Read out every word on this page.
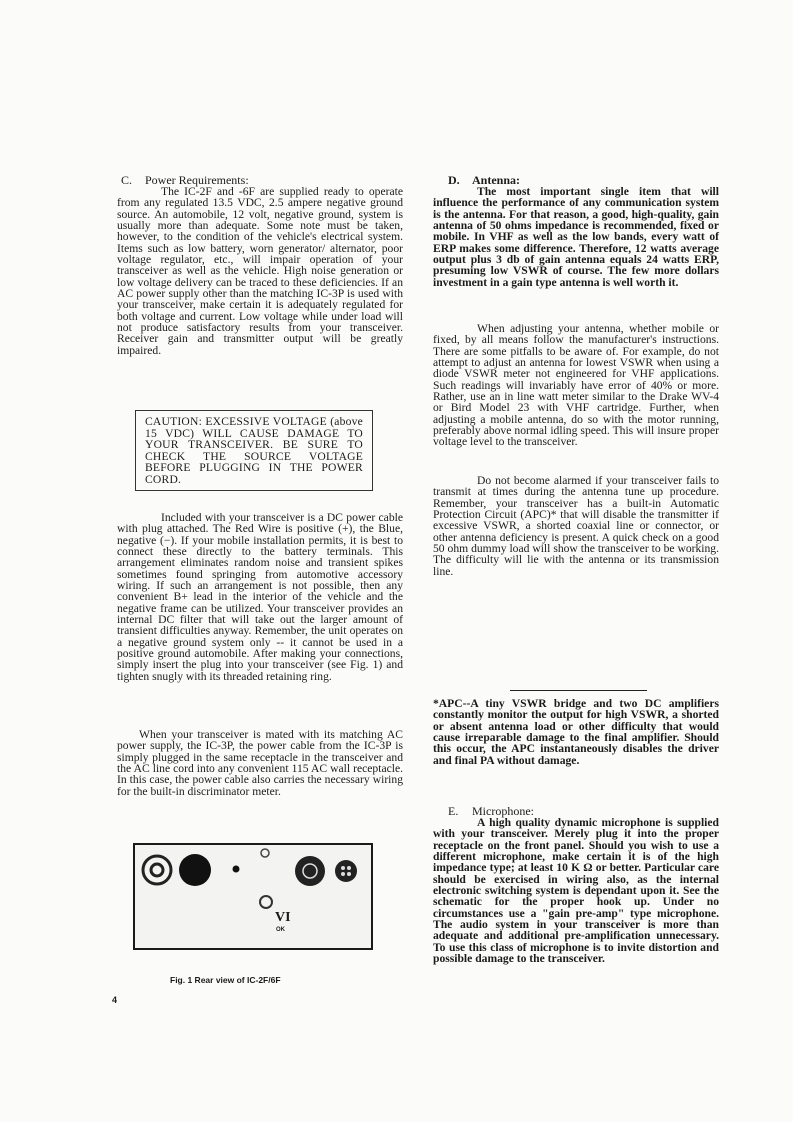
C. Power Requirements:

The IC-2F and -6F are supplied ready to operate from any regulated 13.5 VDC, 2.5 ampere negative ground source. An automobile, 12 volt, negative ground, system is usually more than adequate. Some note must be taken, however, to the condition of the vehicle's electrical system. Items such as low battery, worn generator/ alternator, poor voltage regulator, etc., will impair operation of your transceiver as well as the vehicle. High noise generation or low voltage delivery can be traced to these deficiencies. If an AC power supply other than the matching IC-3P is used with your transceiver, make certain it is adequately regulated for both voltage and current. Low voltage while under load will not produce satisfactory results from your transceiver. Receiver gain and transmitter output will be greatly impaired.

CAUTION: EXCESSIVE VOLTAGE (above 15 VDC) WILL CAUSE DAMAGE TO YOUR TRANSCEIVER. BE SURE TO CHECK THE SOURCE VOLTAGE BEFORE PLUGGING IN THE POWER CORD.

Included with your transceiver is a DC power cable with plug attached. The Red Wire is positive (+), the Blue, negative (−). If your mobile installation permits, it is best to connect these directly to the battery terminals. This arrangement eliminates random noise and transient spikes sometimes found springing from automotive accessory wiring. If such an arrangement is not possible, then any convenient B+ lead in the interior of the vehicle and the negative frame can be utilized. Your transceiver provides an internal DC filter that will take out the larger amount of transient difficulties anyway. Remember, the unit operates on a negative ground system only -- it cannot be used in a positive ground automobile. After making your connections, simply insert the plug into your transceiver (see Fig. 1) and tighten snugly with its threaded retaining ring.

When your transceiver is mated with its matching AC power supply, the IC-3P, the power cable from the IC-3P is simply plugged in the same receptacle in the transceiver and the AC line cord into any convenient 115 AC wall receptacle. In this case, the power cable also carries the necessary wiring for the built-in discriminator meter.

VI
OK
Fig. 1 Rear view of IC-2F/6F
4
D. Antenna:

The most important single item that will influence the performance of any communication system is the antenna. For that reason, a good, high-quality, gain antenna of 50 ohms impedance is recommended, fixed or mobile. In VHF as well as the low bands, every watt of ERP makes some difference. Therefore, 12 watts average output plus 3 db of gain antenna equals 24 watts ERP, presuming low VSWR of course. The few more dollars investment in a gain type antenna is well worth it.

When adjusting your antenna, whether mobile or fixed, by all means follow the manufacturer's instructions. There are some pitfalls to be aware of. For example, do not attempt to adjust an antenna for lowest VSWR when using a diode VSWR meter not engineered for VHF applications. Such readings will invariably have error of 40% or more. Rather, use an in line watt meter similar to the Drake WV-4 or Bird Model 23 with VHF cartridge. Further, when adjusting a mobile antenna, do so with the motor running, preferably above normal idling speed. This will insure proper voltage level to the transceiver.

Do not become alarmed if your transceiver fails to transmit at times during the antenna tune up procedure. Remember, your transceiver has a built-in Automatic Protection Circuit (APC)* that will disable the transmitter if excessive VSWR, a shorted coaxial line or connector, or other antenna deficiency is present. A quick check on a good 50 ohm dummy load will show the transceiver to be working. The difficulty will lie with the antenna or its transmission line.

*APC--A tiny VSWR bridge and two DC amplifiers constantly monitor the output for high VSWR, a shorted or absent antenna load or other difficulty that would cause irreparable damage to the final amplifier. Should this occur, the APC instantaneously disables the driver and final PA without damage.

E. Microphone:

A high quality dynamic microphone is supplied with your transceiver. Merely plug it into the proper receptacle on the front panel. Should you wish to use a different microphone, make certain it is of the high impedance type; at least 10 K Ω or better. Particular care should be exercised in wiring also, as the internal electronic switching system is dependant upon it. See the schematic for the proper hook up. Under no circumstances use a "gain pre-amp" type microphone. The audio system in your transceiver is more than adequate and additional pre-amplification unnecessary. To use this class of microphone is to invite distortion and possible damage to the transceiver.
